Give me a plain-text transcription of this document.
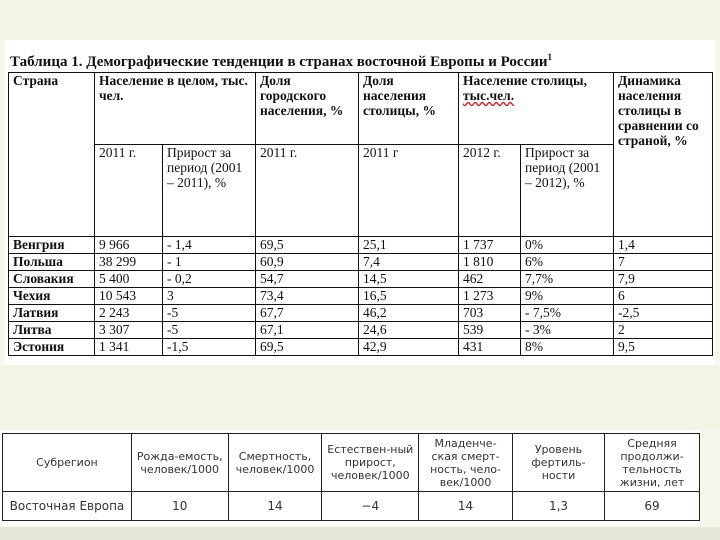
Таблица 1. Демографические тенденции в странах восточной Европы и России$^1$
Страна	Население в целом, тыс. чел.		Доля городского населения, %	Доля населения столицы, %	Население столицы, тыс.чел.		Динамика населения столицы в сравнении со страной, %
	2011 г.	Прирост за период (2001 – 2011), %	2011 г.	2011 г	2012 г.	Прирост за период (2001 – 2012), %	
Венгрия	9 966	- 1,4	69,5	25,1	1 737	0%	1,4
Польша	38 299	- 1	60,9	7,4	1 810	6%	7
Словакия	5 400	- 0,2	54,7	14,5	462	7,7%	7,9
Чехия	10 543	3	73,4	16,5	1 273	9%	6
Латвия	2 243	-5	67,7	46,2	703	- 7,5%	-2,5
Литва	3 307	-5	67,1	24,6	539	- 3%	2
Эстония	1 341	-1,5	69,5	42,9	431	8%	9,5
Субрегион	Рожда-емость, человек/1000	Смертность, человек/1000	Естествен-ный прирост, человек/1000	Младенче-ская смерт-ность, чело-век/1000	Уровень фертиль-ности	Средняя продолжи-тельность жизни, лет
Восточная Европа	10	14	−4	14	1,3	69
